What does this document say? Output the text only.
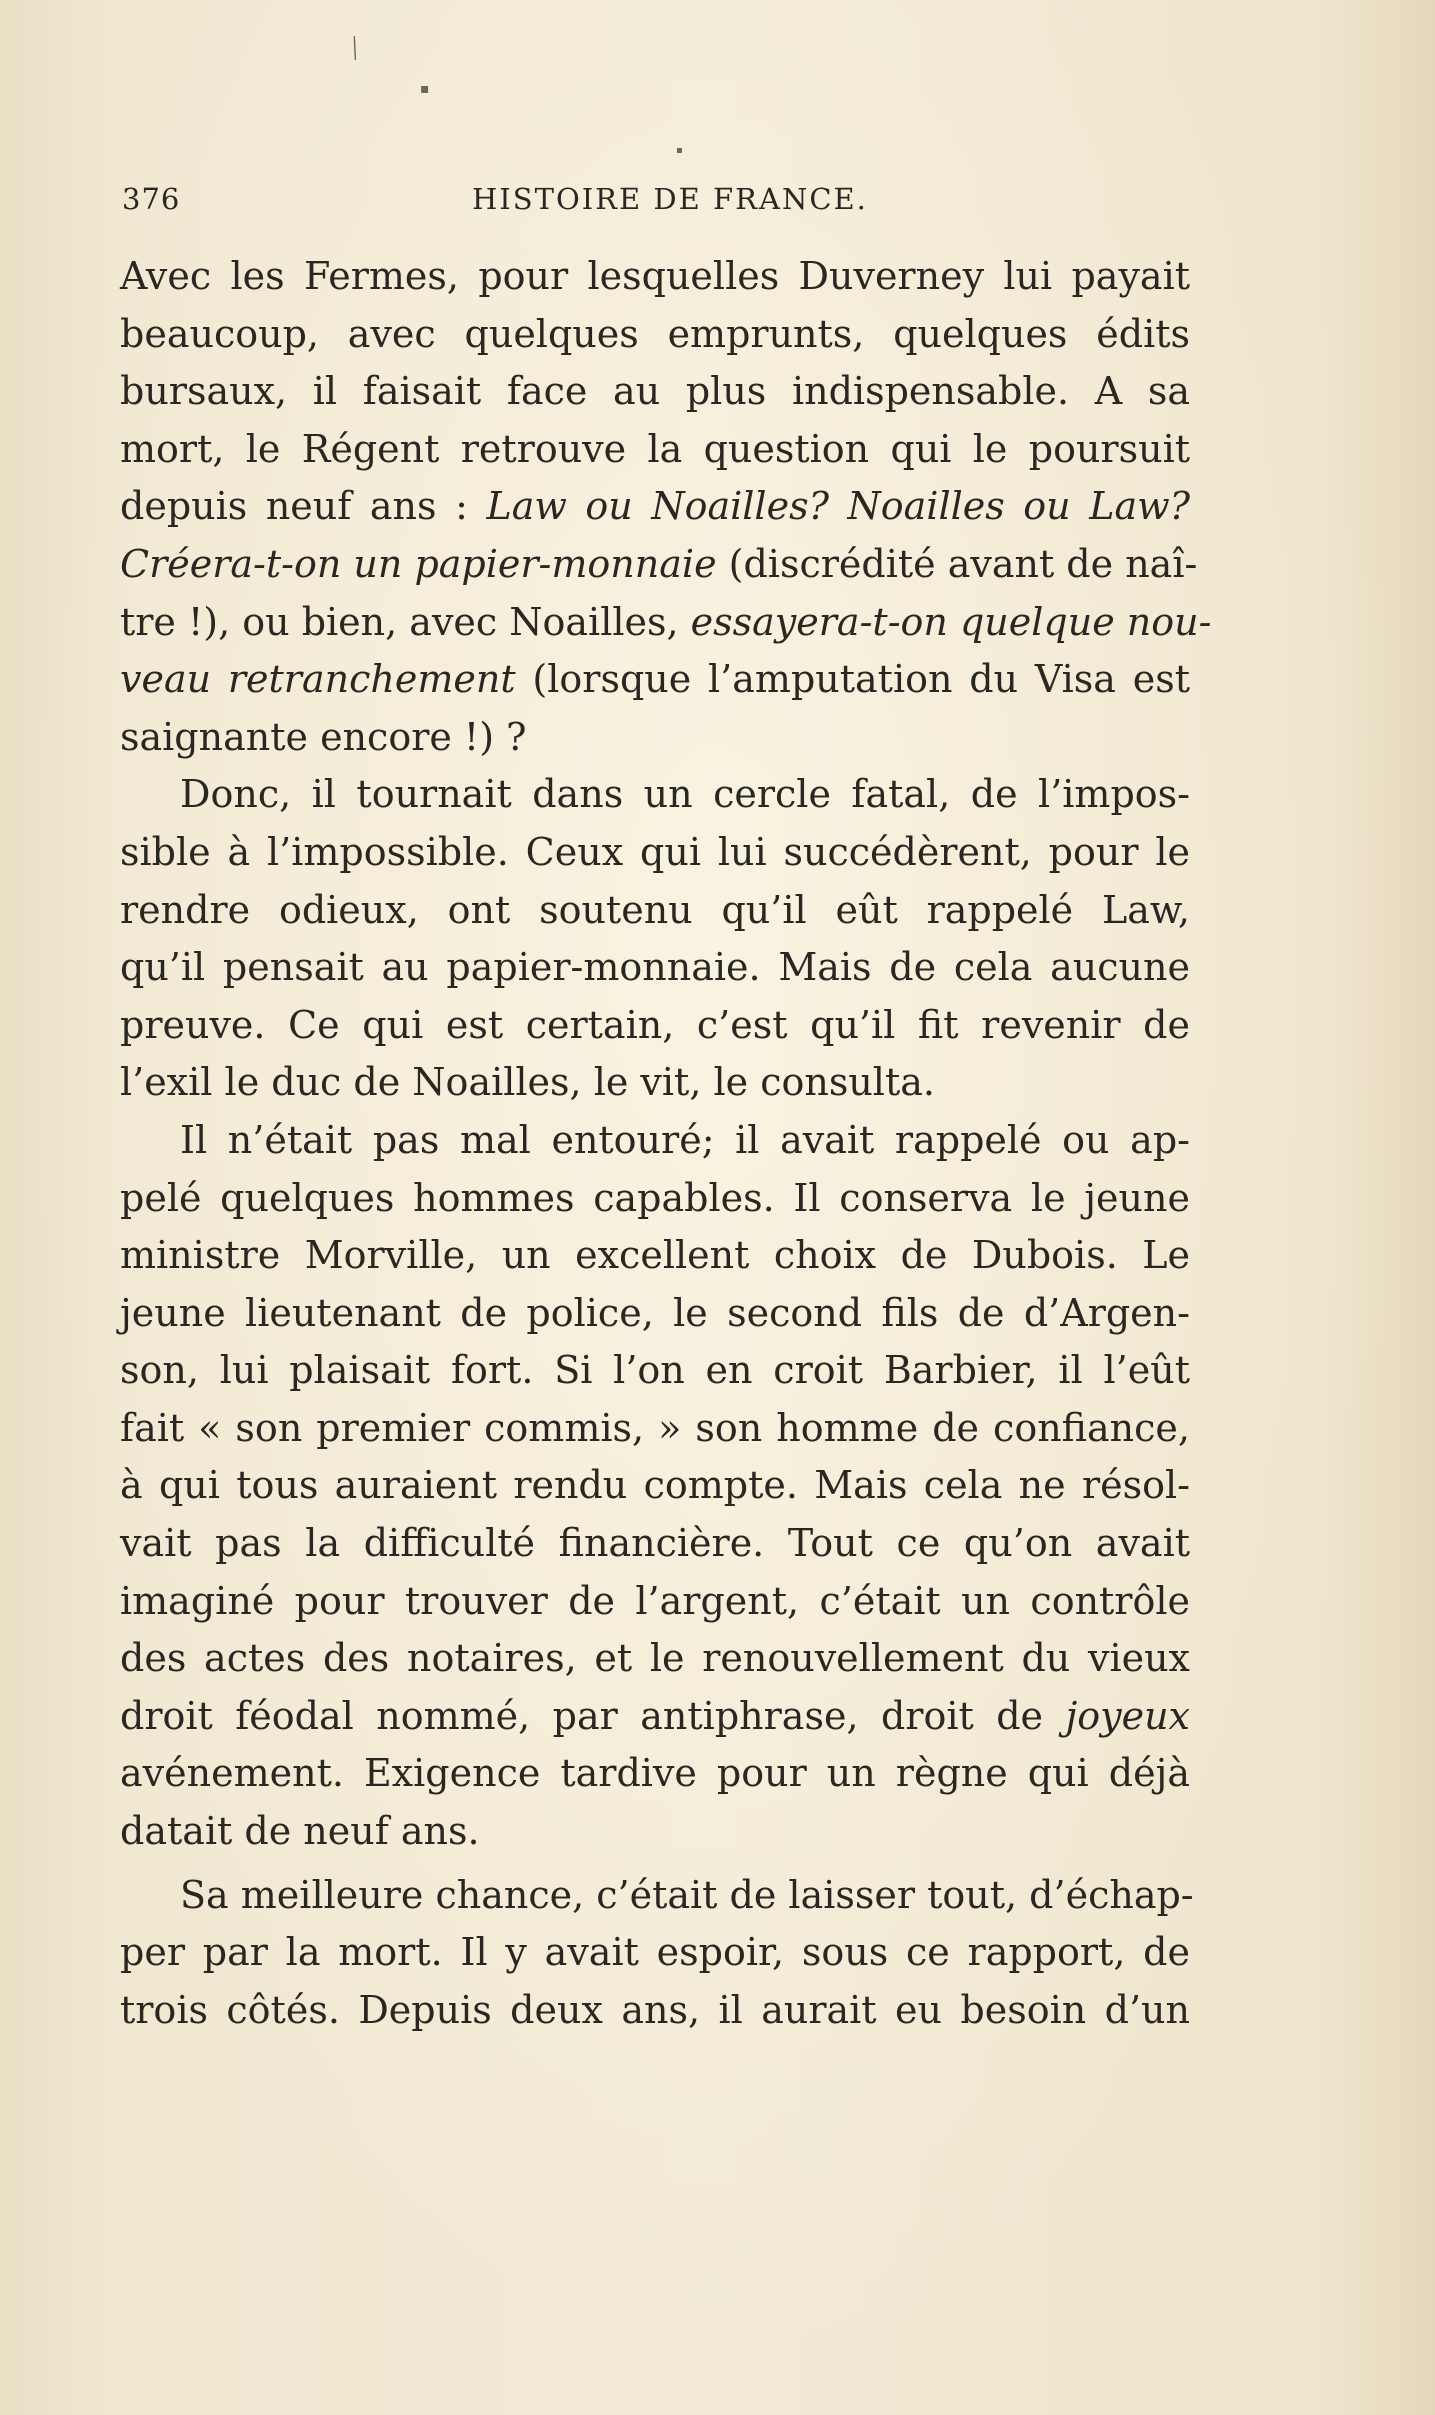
╱
▪
▪
376	HISTOIRE DE FRANCE.
Avec les Fermes, pour lesquelles Duverney lui payait
beaucoup, avec quelques emprunts, quelques édits
bursaux, il faisait face au plus indispensable. A sa
mort, le Régent retrouve la question qui le poursuit
depuis neuf ans : Law ou Noailles? Noailles ou Law?
Créera-t-on un papier-monnaie (discrédité avant de naî-
tre !), ou bien, avec Noailles, essayera-t-on quelque nou-
veau retranchement (lorsque l’amputation du Visa est
saignante encore !) ?
Donc, il tournait dans un cercle fatal, de l’impos-
sible à l’impossible. Ceux qui lui succédèrent, pour le
rendre odieux, ont soutenu qu’il eût rappelé Law,
qu’il pensait au papier-monnaie. Mais de cela aucune
preuve. Ce qui est certain, c’est qu’il fit revenir de
l’exil le duc de Noailles, le vit, le consulta.
Il n’était pas mal entouré; il avait rappelé ou ap-
pelé quelques hommes capables. Il conserva le jeune
ministre Morville, un excellent choix de Dubois. Le
jeune lieutenant de police, le second fils de d’Argen-
son, lui plaisait fort. Si l’on en croit Barbier, il l’eût
fait « son premier commis, » son homme de confiance,
à qui tous auraient rendu compte. Mais cela ne résol-
vait pas la difficulté financière. Tout ce qu’on avait
imaginé pour trouver de l’argent, c’était un contrôle
des actes des notaires, et le renouvellement du vieux
droit féodal nommé, par antiphrase, droit de joyeux
avénement. Exigence tardive pour un règne qui déjà
datait de neuf ans.
Sa meilleure chance, c’était de laisser tout, d’échap-
per par la mort. Il y avait espoir, sous ce rapport, de
trois côtés. Depuis deux ans, il aurait eu besoin d’un
